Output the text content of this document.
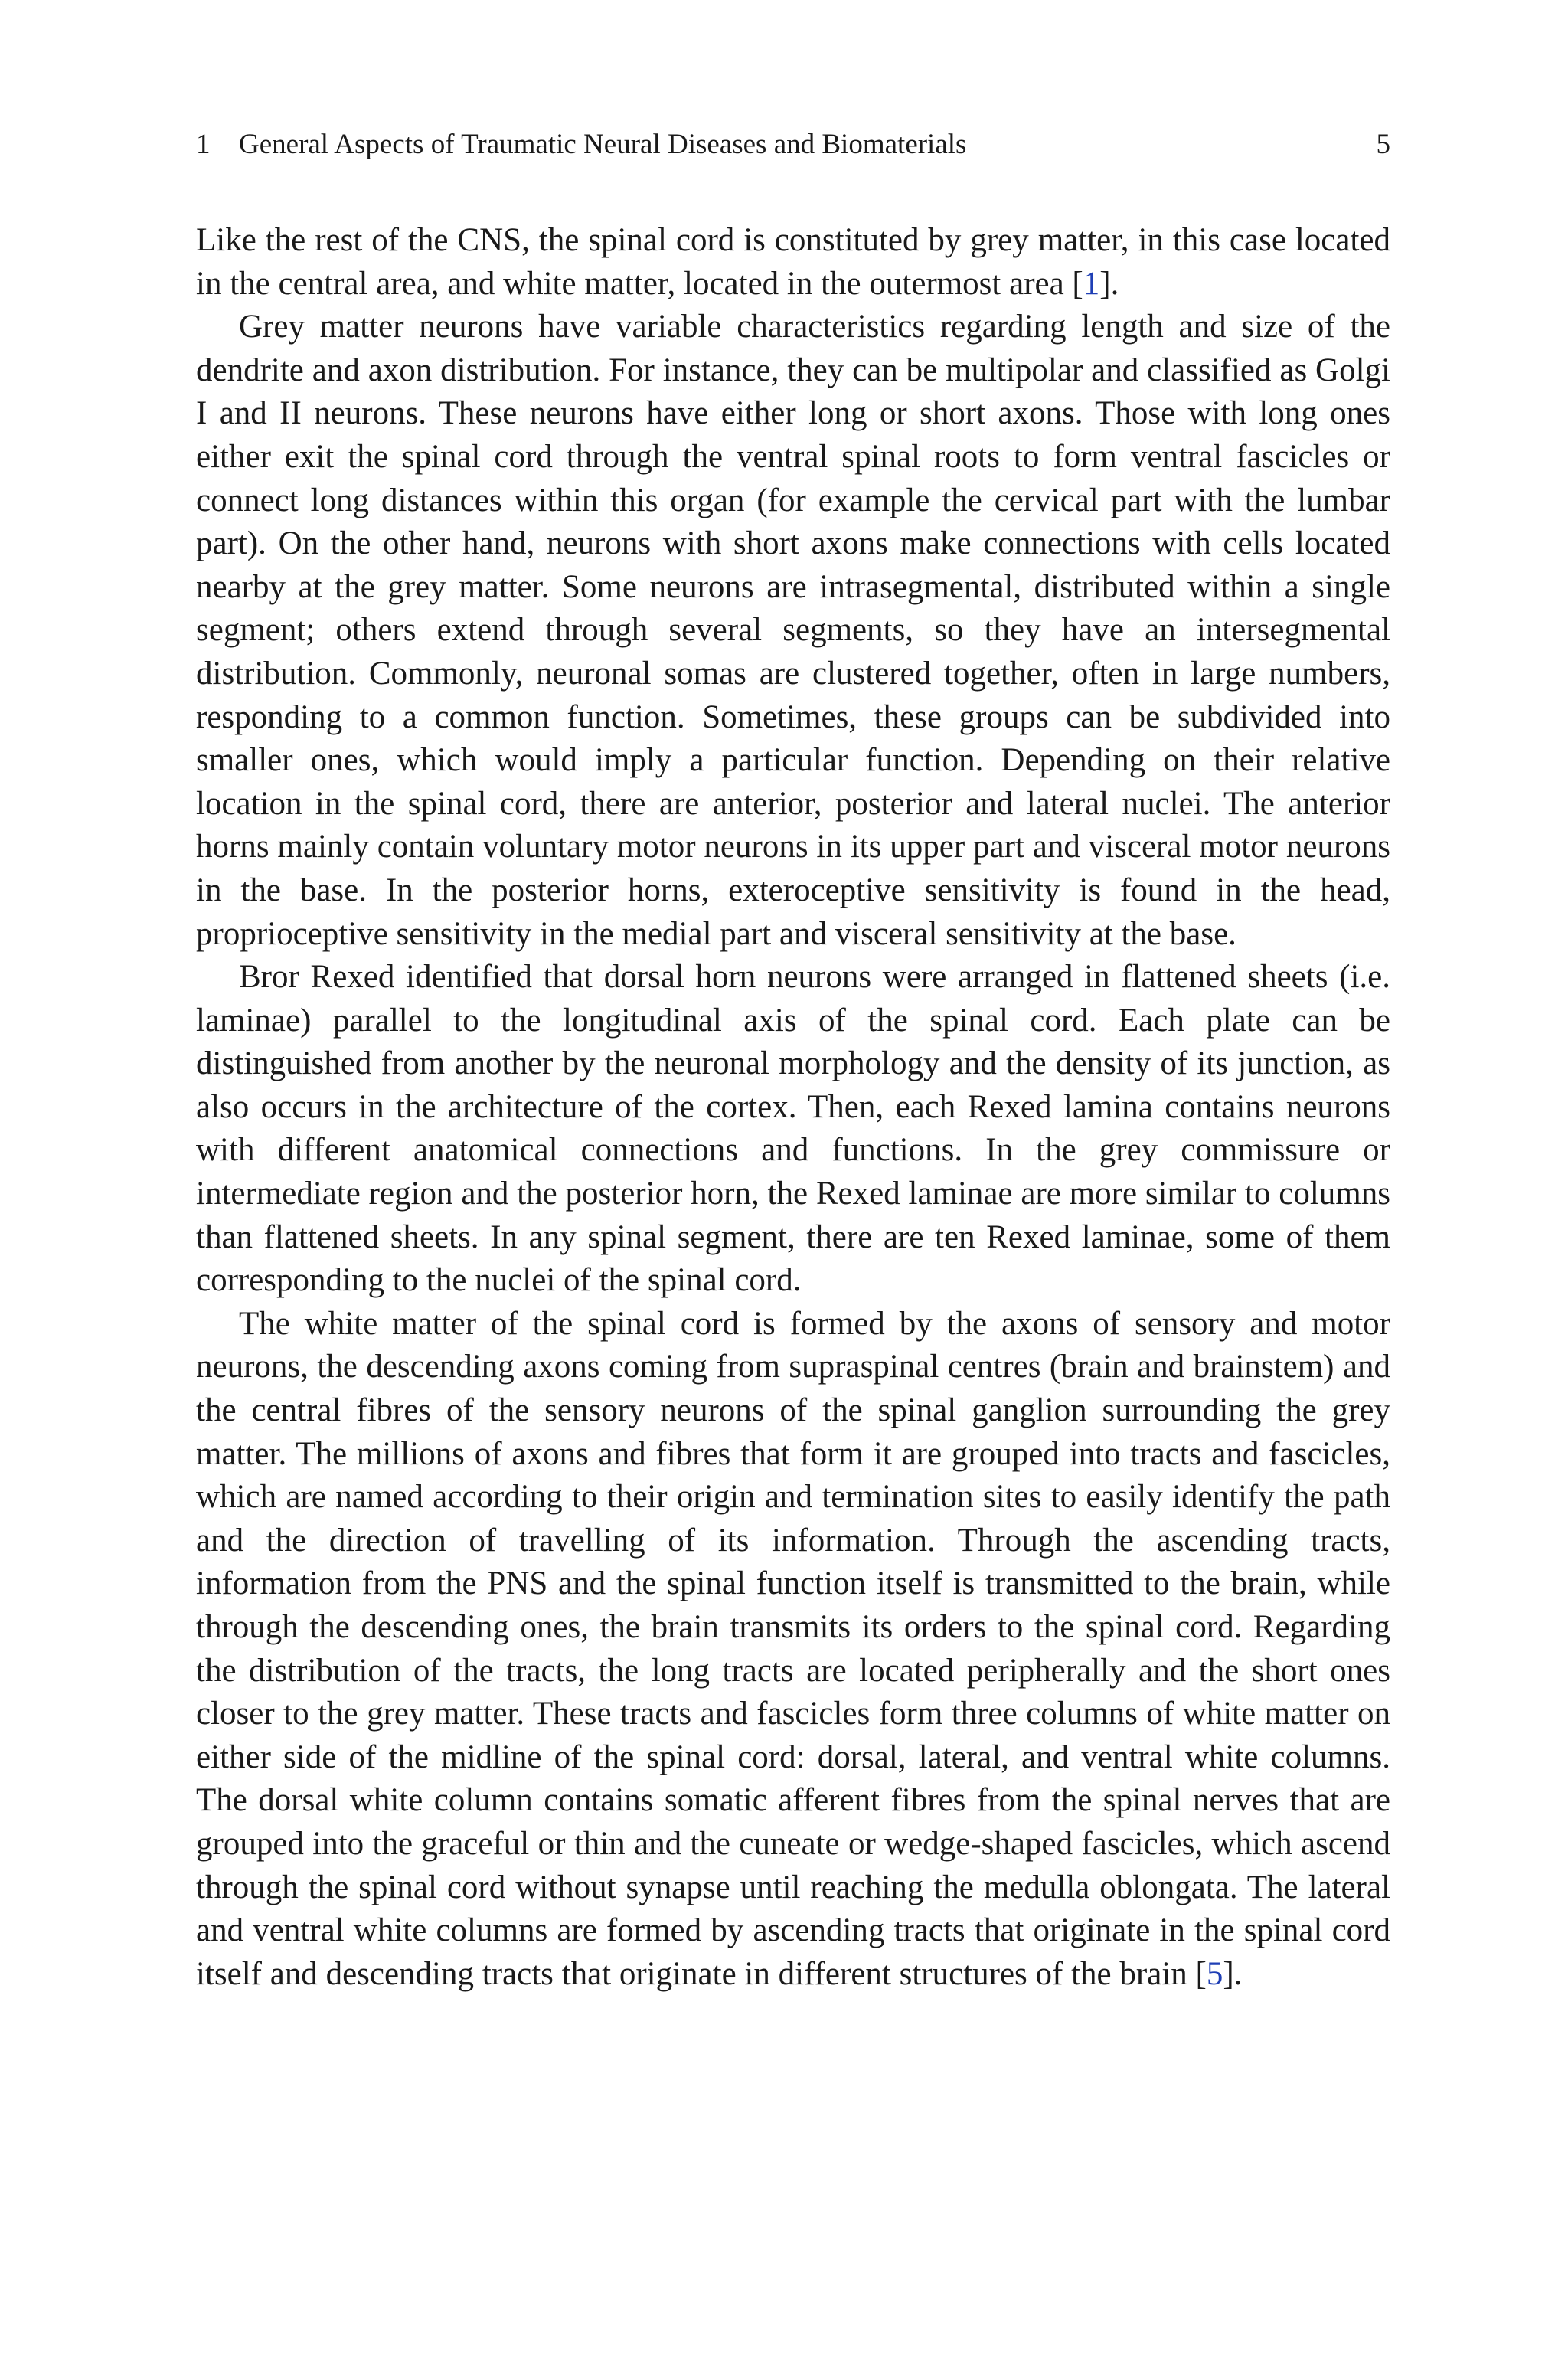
1 General Aspects of Traumatic Neural Diseases and Biomaterials	5

Like the rest of the CNS, the spinal cord is constituted by grey matter, in this case located in the central area, and white matter, located in the outermost area [1].

Grey matter neurons have variable characteristics regarding length and size of the dendrite and axon distribution. For instance, they can be multipolar and classified as Golgi I and II neurons. These neurons have either long or short axons. Those with long ones either exit the spinal cord through the ventral spinal roots to form ventral fascicles or connect long distances within this organ (for example the cervical part with the lumbar part). On the other hand, neurons with short axons make connections with cells located nearby at the grey matter. Some neurons are intrasegmental, distributed within a single segment; others extend through several segments, so they have an intersegmental distribution. Commonly, neuronal somas are clustered together, often in large numbers, responding to a common function. Sometimes, these groups can be subdivided into smaller ones, which would imply a particular function. Depending on their relative location in the spinal cord, there are anterior, posterior and lateral nuclei. The anterior horns mainly contain voluntary motor neurons in its upper part and visceral motor neurons in the base. In the posterior horns, exteroceptive sensitivity is found in the head, proprioceptive sensitivity in the medial part and visceral sensitivity at the base.

Bror Rexed identified that dorsal horn neurons were arranged in flattened sheets (i.e. laminae) parallel to the longitudinal axis of the spinal cord. Each plate can be distinguished from another by the neuronal morphology and the density of its junction, as also occurs in the architecture of the cortex. Then, each Rexed lamina contains neurons with different anatomical connections and functions. In the grey commissure or intermediate region and the posterior horn, the Rexed laminae are more similar to columns than flattened sheets. In any spinal segment, there are ten Rexed laminae, some of them corresponding to the nuclei of the spinal cord.

The white matter of the spinal cord is formed by the axons of sensory and motor neurons, the descending axons coming from supraspinal centres (brain and brainstem) and the central fibres of the sensory neurons of the spinal ganglion surrounding the grey matter. The millions of axons and fibres that form it are grouped into tracts and fascicles, which are named according to their origin and termination sites to easily identify the path and the direction of travelling of its information. Through the ascending tracts, information from the PNS and the spinal function itself is transmitted to the brain, while through the descending ones, the brain transmits its orders to the spinal cord. Regarding the distribution of the tracts, the long tracts are located peripherally and the short ones closer to the grey matter. These tracts and fascicles form three columns of white matter on either side of the midline of the spinal cord: dorsal, lateral, and ventral white columns. The dorsal white column contains somatic afferent fibres from the spinal nerves that are grouped into the graceful or thin and the cuneate or wedge-shaped fascicles, which ascend through the spinal cord without synapse until reaching the medulla oblongata. The lateral and ventral white columns are formed by ascending tracts that originate in the spinal cord itself and descending tracts that originate in different structures of the brain [5].
